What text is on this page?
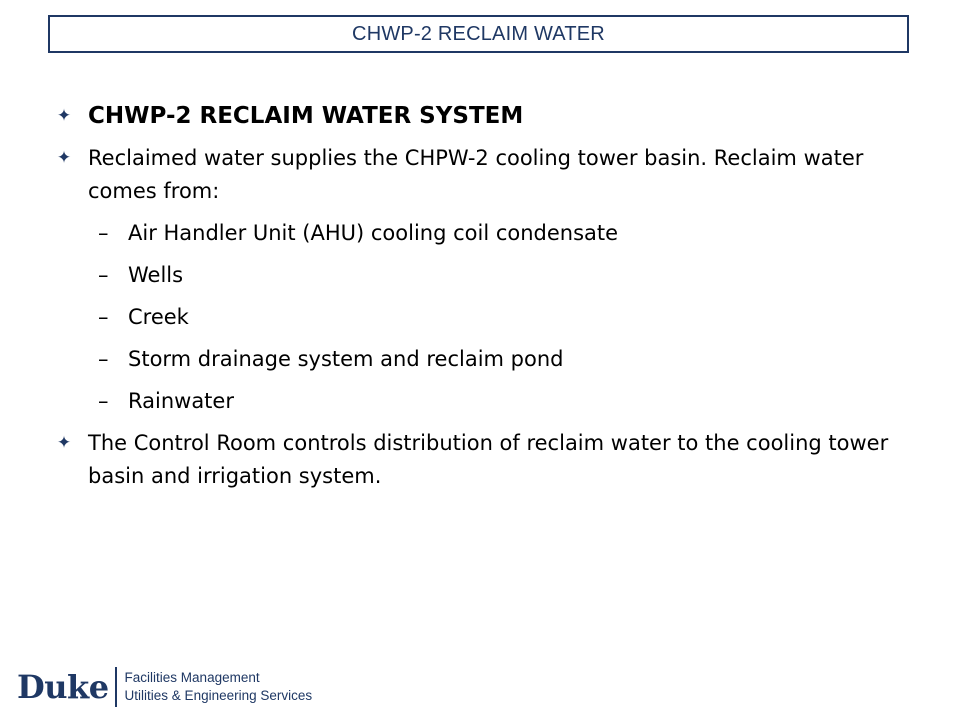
CHWP-2 RECLAIM WATER
✦ CHWP-2 RECLAIM WATER SYSTEM
✦ Reclaimed water supplies the CHPW-2 cooling tower basin. Reclaim water comes from:
– Air Handler Unit (AHU) cooling coil condensate
– Wells
– Creek
– Storm drainage system and reclaim pond
– Rainwater
✦ The Control Room controls distribution of reclaim water to the cooling tower basin and irrigation system.
Duke	Facilities Management
Utilities & Engineering Services
